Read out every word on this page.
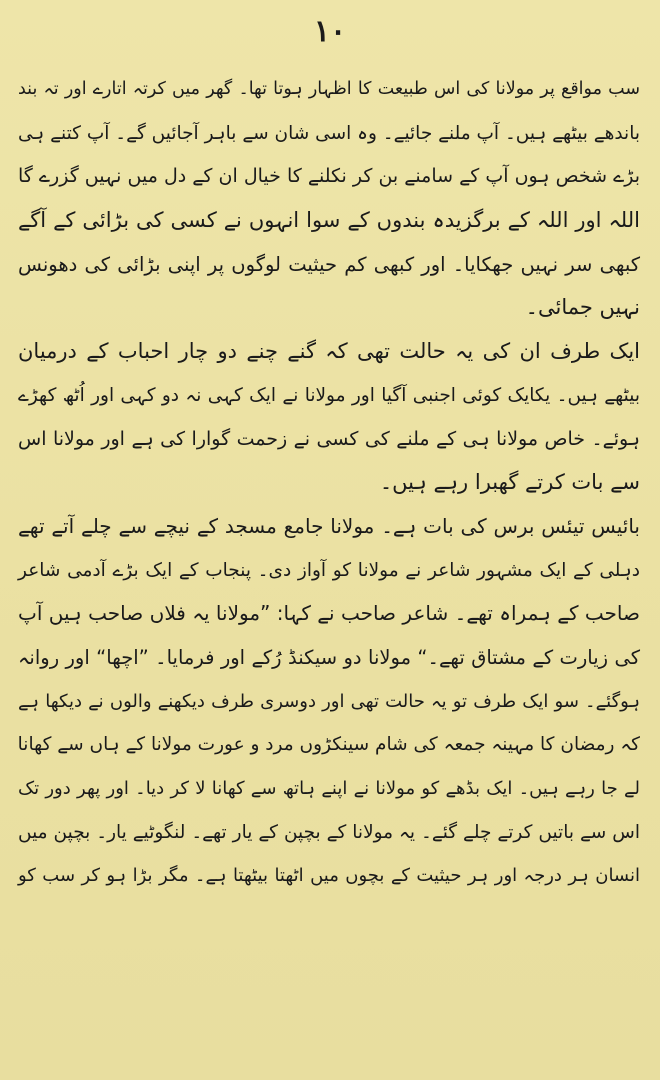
۱۰
سب مواقع پر مولانا کی اس طبیعت کا اظہار ہوتا تھا۔ گھر میں کرتہ اتارے اور تہ بند
باندھے بیٹھے ہیں۔ آپ ملنے جائیے۔ وہ اسی شان سے باہر آجائیں گے۔ آپ کتنے ہی
بڑے شخص ہوں آپ کے سامنے بن کر نکلنے کا خیال ان کے دل میں نہیں گزرے گا
اللہ اور اللہ کے برگزیدہ بندوں کے سوا انہوں نے کسی کی بڑائی کے آگے
کبھی سر نہیں جھکایا۔ اور کبھی کم حیثیت لوگوں پر اپنی بڑائی کی دھونس
نہیں جمائی۔
ایک طرف ان کی یہ حالت تھی کہ گنے چنے دو چار احباب کے درمیان
بیٹھے ہیں۔ یکایک کوئی اجنبی آگیا اور مولانا نے ایک کہی نہ دو کہی اور اُٹھ کھڑے
ہوئے۔ خاص مولانا ہی کے ملنے کی کسی نے زحمت گوارا کی ہے اور مولانا اس
سے بات کرتے گھبرا رہے ہیں۔
بائیس تیئس برس کی بات ہے۔ مولانا جامع مسجد کے نیچے سے چلے آتے تھے
دہلی کے ایک مشہور شاعر نے مولانا کو آواز دی۔ پنجاب کے ایک بڑے آدمی شاعر
صاحب کے ہمراہ تھے۔ شاعر صاحب نے کہا: ”مولانا یہ فلاں صاحب ہیں آپ
کی زیارت کے مشتاق تھے۔“ مولانا دو سیکنڈ رُکے اور فرمایا۔ ”اچھا“ اور روانہ
ہوگئے۔ سو ایک طرف تو یہ حالت تھی اور دوسری طرف دیکھنے والوں نے دیکھا ہے
کہ رمضان کا مہینہ جمعہ کی شام سینکڑوں مرد و عورت مولانا کے ہاں سے کھانا
لے جا رہے ہیں۔ ایک بڈھے کو مولانا نے اپنے ہاتھ سے کھانا لا کر دیا۔ اور پھر دور تک
اس سے باتیں کرتے چلے گئے۔ یہ مولانا کے بچپن کے یار تھے۔ لنگوٹیے یار۔ بچپن میں
انسان ہر درجہ اور ہر حیثیت کے بچوں میں اٹھتا بیٹھتا ہے۔ مگر بڑا ہو کر سب کو
